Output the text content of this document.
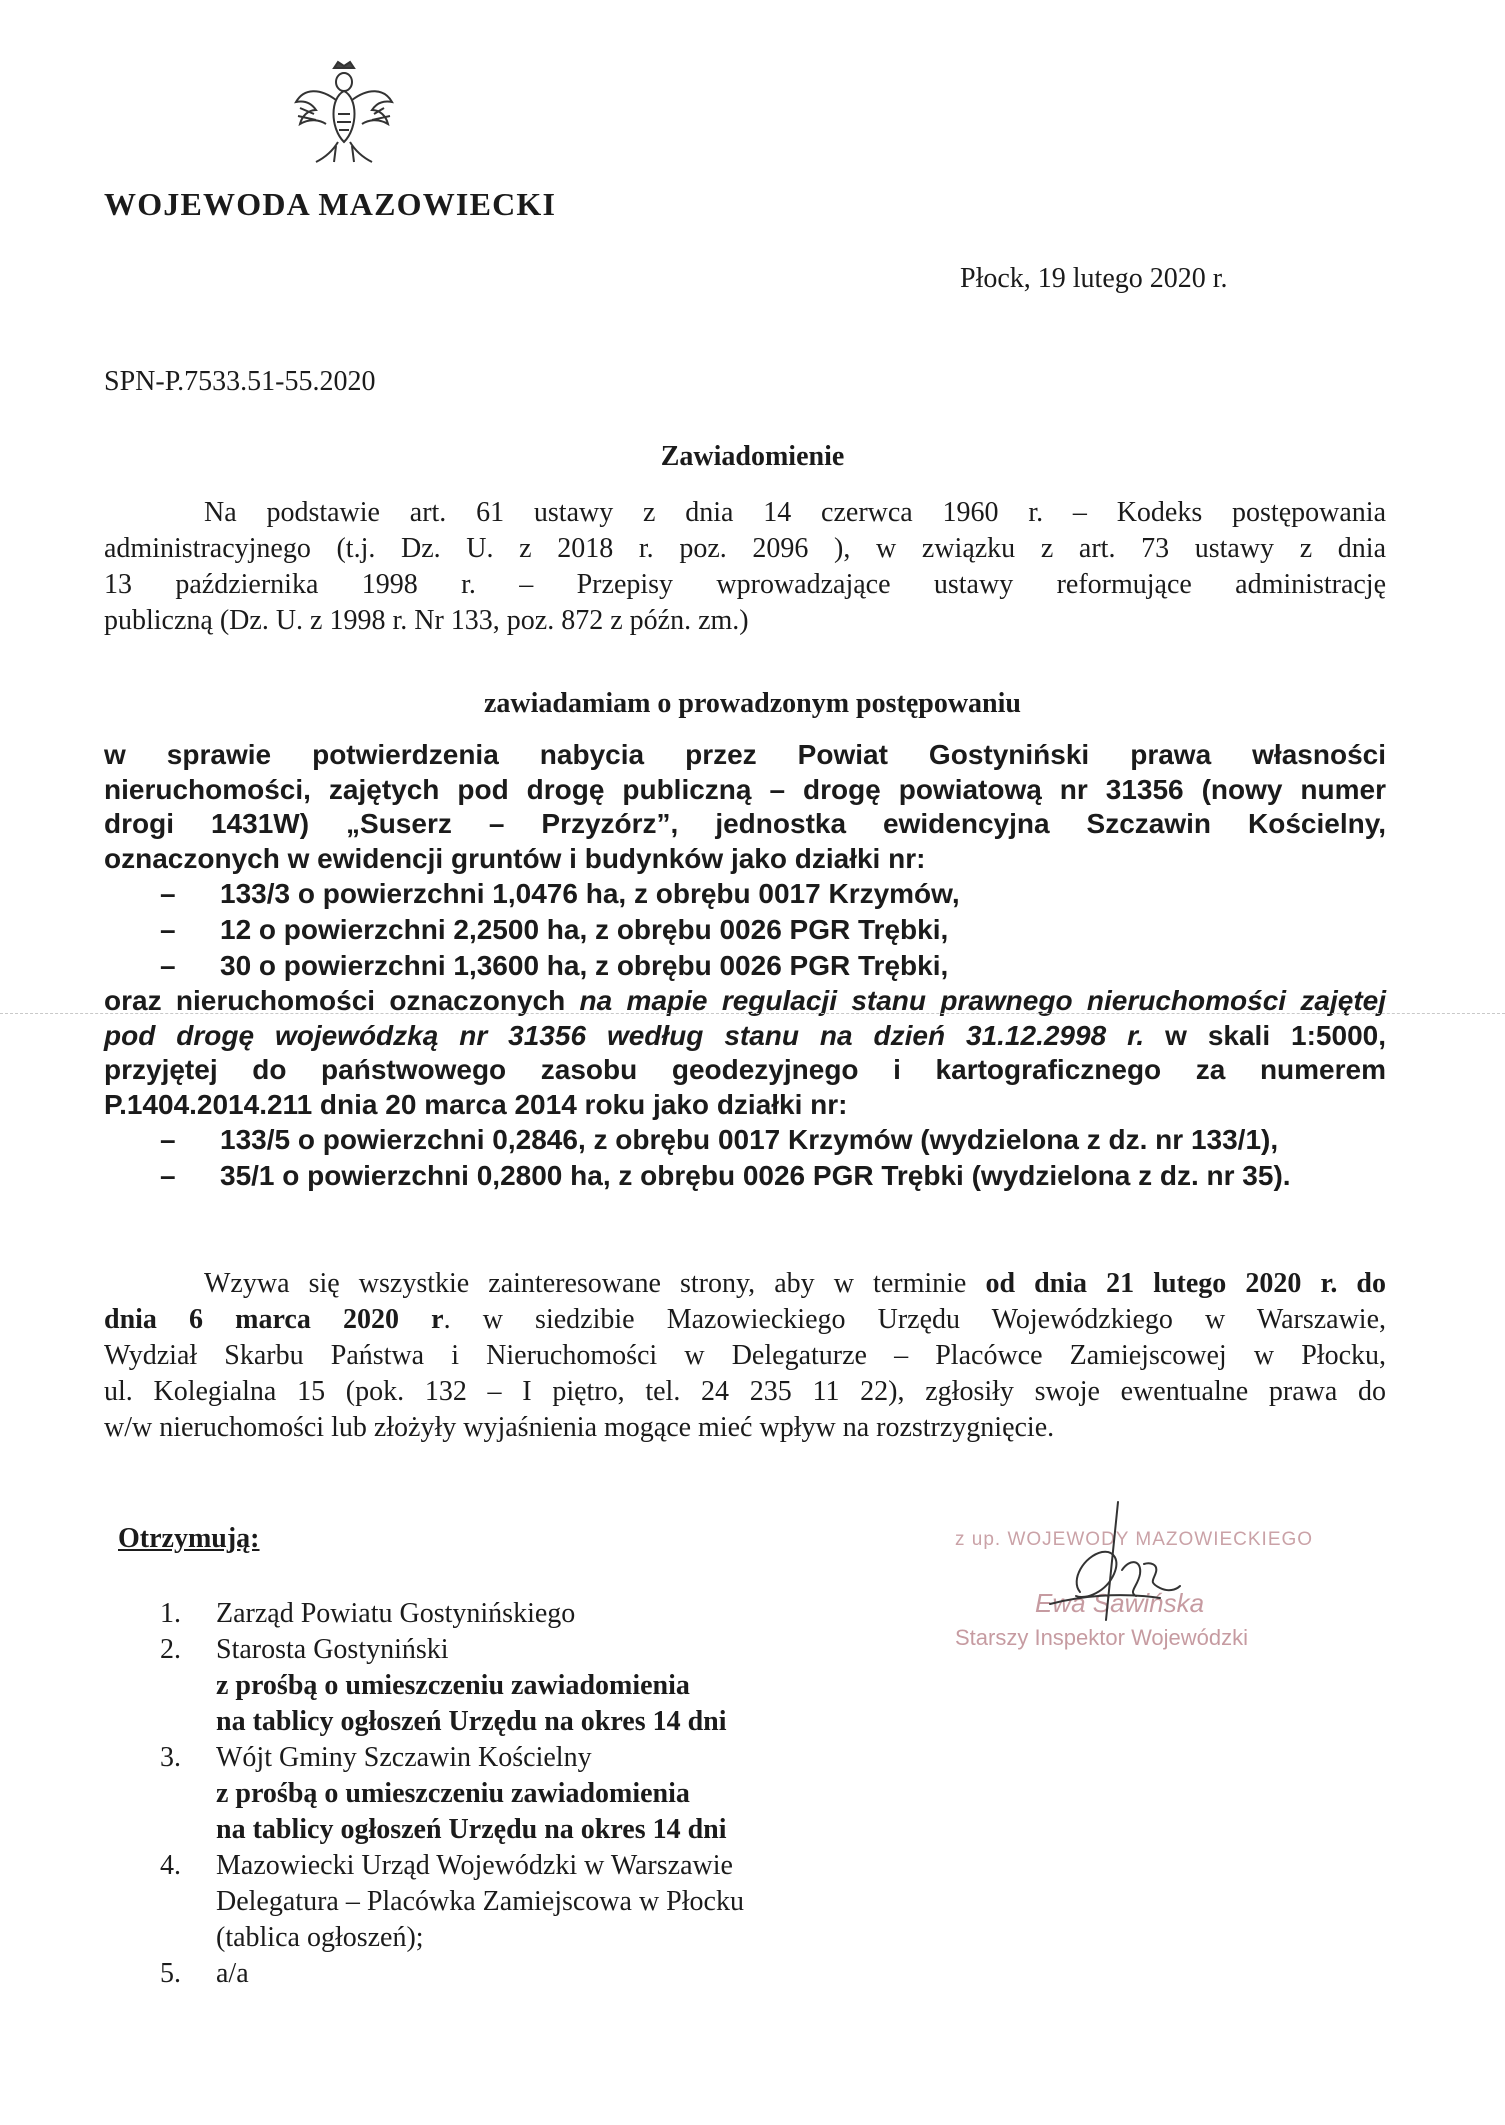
WOJEWODA MAZOWIECKI
Płock, 19 lutego 2020 r.
SPN-P.7533.51-55.2020
Zawiadomienie
Na podstawie art. 61 ustawy z dnia 14 czerwca 1960 r. – Kodeks postępowania
administracyjnego (t.j. Dz. U. z 2018 r. poz. 2096 ), w związku z art. 73 ustawy z dnia
13 października 1998 r. – Przepisy wprowadzające ustawy reformujące administrację
publiczną (Dz. U. z 1998 r. Nr 133, poz. 872 z późn. zm.)
zawiadamiam o prowadzonym postępowaniu
w sprawie potwierdzenia nabycia przez Powiat Gostyniński prawa własności
nieruchomości, zajętych pod drogę publiczną – drogę powiatową nr 31356 (nowy numer
drogi 1431W) „Suserz – Przyzórz”, jednostka ewidencyjna Szczawin Kościelny,
oznaczonych w ewidencji gruntów i budynków jako działki nr:
– 133/3 o powierzchni 1,0476 ha, z obrębu 0017 Krzymów,
– 12 o powierzchni 2,2500 ha, z obrębu 0026 PGR Trębki,
– 30 o powierzchni 1,3600 ha, z obrębu 0026 PGR Trębki,
oraz nieruchomości oznaczonych na mapie regulacji stanu prawnego nieruchomości zajętej
pod drogę wojewódzką nr 31356 według stanu na dzień 31.12.2998 r. w skali 1:5000,
przyjętej do państwowego zasobu geodezyjnego i kartograficznego za numerem
P.1404.2014.211 dnia 20 marca 2014 roku jako działki nr:
– 133/5 o powierzchni 0,2846, z obrębu 0017 Krzymów (wydzielona z dz. nr 133/1),
– 35/1 o powierzchni 0,2800 ha, z obrębu 0026 PGR Trębki (wydzielona z dz. nr 35).
Wzywa się wszystkie zainteresowane strony, aby w terminie od dnia 21 lutego 2020 r. do
dnia 6 marca 2020 r. w siedzibie Mazowieckiego Urzędu Wojewódzkiego w Warszawie,
Wydział Skarbu Państwa i Nieruchomości w Delegaturze – Placówce Zamiejscowej w Płocku,
ul. Kolegialna 15 (pok. 132 – I piętro, tel. 24 235 11 22), zgłosiły swoje ewentualne prawa do
w/w nieruchomości lub złożyły wyjaśnienia mogące mieć wpływ na rozstrzygnięcie.
z up. WOJEWODY MAZOWIECKIEGO
Ewa Sawińska
Starszy Inspektor Wojewódzki
Otrzymują:
1. Zarząd Powiatu Gostynińskiego
2. Starosta Gostyniński
z prośbą o umieszczeniu zawiadomienia
na tablicy ogłoszeń Urzędu na okres 14 dni
3. Wójt Gminy Szczawin Kościelny
z prośbą o umieszczeniu zawiadomienia
na tablicy ogłoszeń Urzędu na okres 14 dni
4. Mazowiecki Urząd Wojewódzki w Warszawie
Delegatura – Placówka Zamiejscowa w Płocku
(tablica ogłoszeń);
5. a/a
